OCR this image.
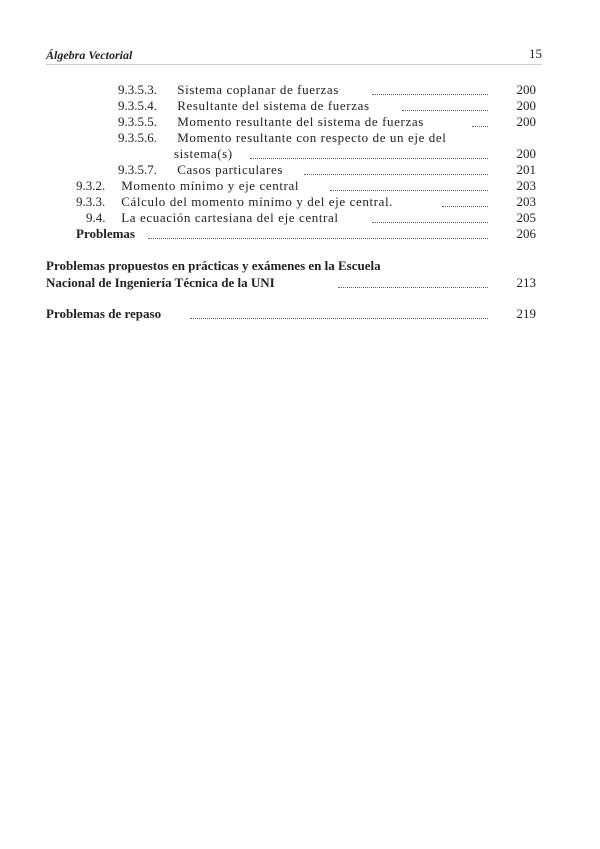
Álgebra Vectorial	15
9.3.5.3. Sistema coplanar de fuerzas	200
9.3.5.4. Resultante del sistema de fuerzas	200
9.3.5.5. Momento resultante del sistema de fuerzas	200
9.3.5.6. Momento resultante con respecto de un eje del
sistema(s)	200
9.3.5.7. Casos particulares	201
9.3.2. Momento mínimo y eje central	203
9.3.3. Cálculo del momento mínimo y del eje central.	203
9.4. La ecuación cartesiana del eje central	205
Problemas	206
Problemas propuestos en prácticas y exámenes en la Escuela
Nacional de Ingeniería Técnica de la UNI	213
Problemas de repaso	219
